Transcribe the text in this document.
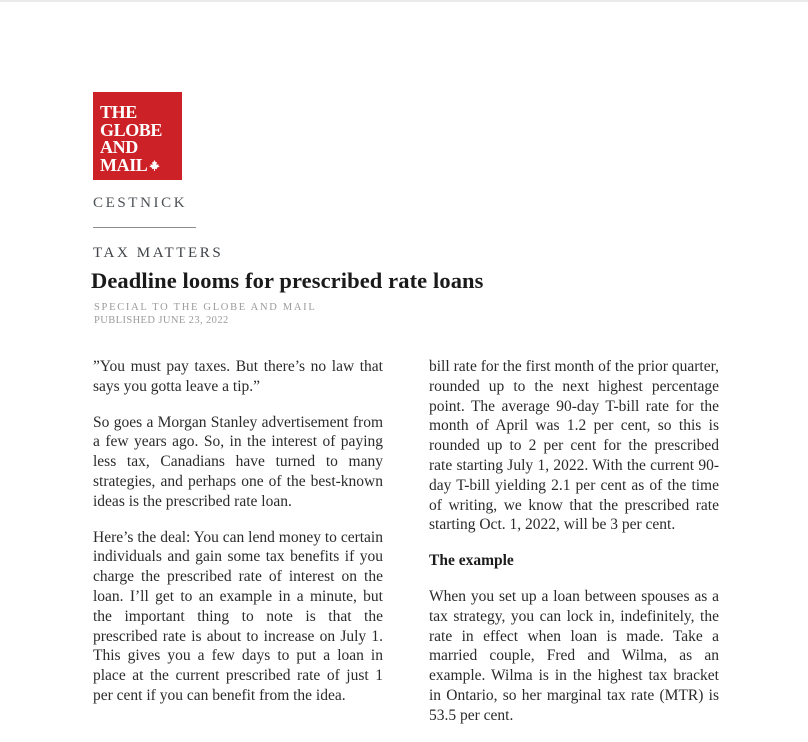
THE
GLOBE
AND
MAIL
CESTNICK
TAX MATTERS
Deadline looms for prescribed rate loans
SPECIAL TO THE GLOBE AND MAIL
PUBLISHED JUNE 23, 2022

”You must pay taxes. But there’s no law that says you gotta leave a tip.”

So goes a Morgan Stanley advertisement from a few years ago. So, in the interest of paying less tax, Canadians have turned to many strategies, and perhaps one of the best-known ideas is the prescribed rate loan.

Here’s the deal: You can lend money to certain individuals and gain some tax benefits if you charge the prescribed rate of interest on the loan. I’ll get to an example in a minute, but the important thing to note is that the prescribed rate is about to increase on July 1. This gives you a few days to put a loan in place at the current prescribed rate of just 1 per cent if you can benefit from the idea.

bill rate for the first month of the prior quarter, rounded up to the next highest percentage point. The average 90-day T-bill rate for the month of April was 1.2 per cent, so this is rounded up to 2 per cent for the prescribed rate starting July 1, 2022. With the current 90-day T-bill yielding 2.1 per cent as of the time of writing, we know that the prescribed rate starting Oct. 1, 2022, will be 3 per cent.

The example

When you set up a loan between spouses as a tax strategy, you can lock in, indefinitely, the rate in effect when loan is made. Take a married couple, Fred and Wilma, as an example. Wilma is in the highest tax bracket in Ontario, so her marginal tax rate (MTR) is 53.5 per cent.
